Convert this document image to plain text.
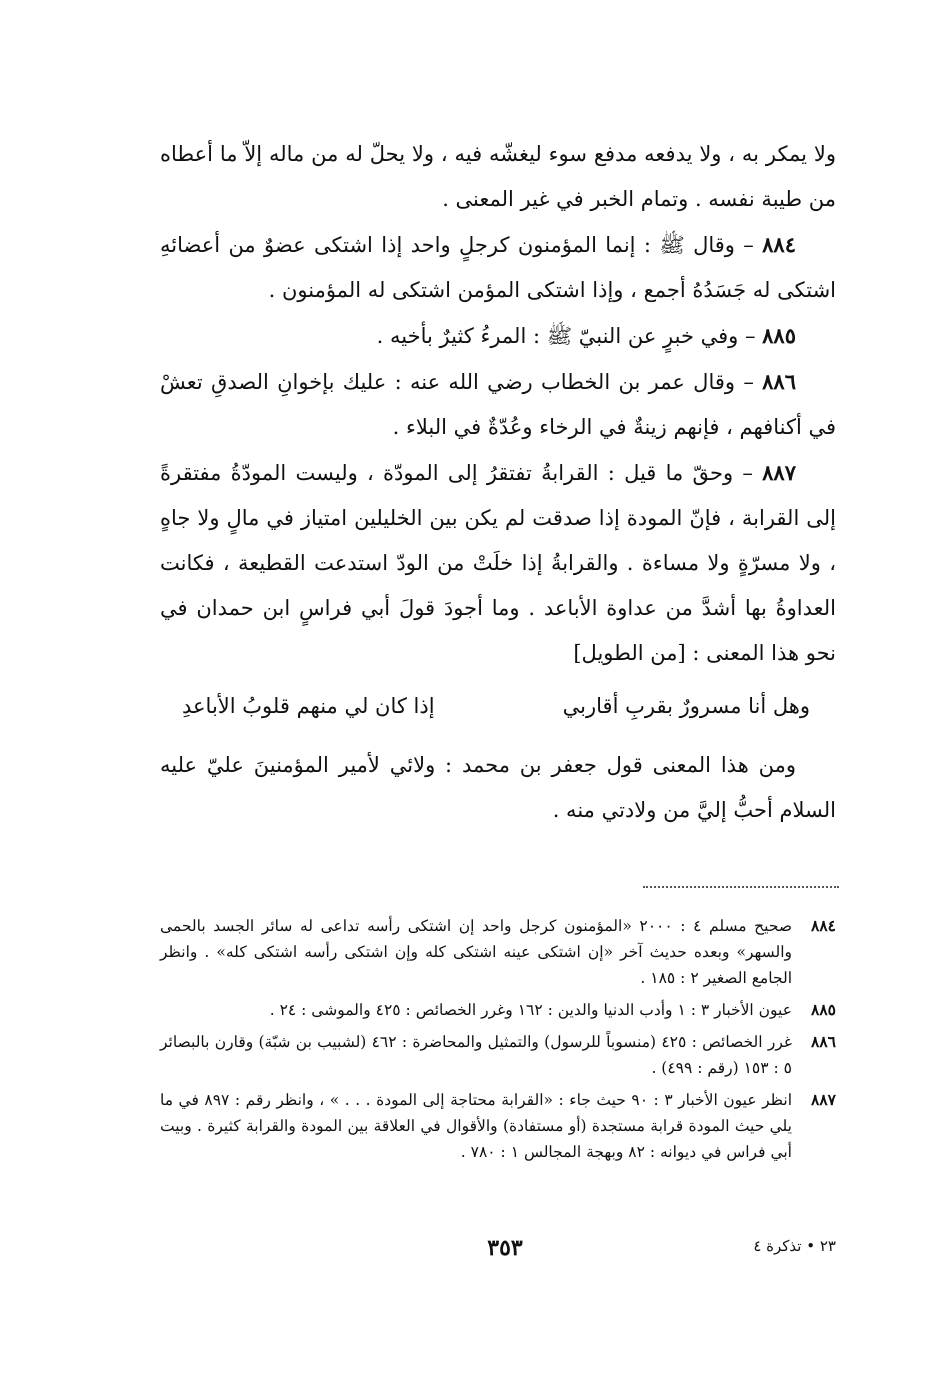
ولا يمكر به ، ولا يدفعه مدفع سوء ليغشّه فيه ، ولا يحلّ له من ماله إلاّ ما أعطاه من طيبة نفسه . وتمام الخبر في غير المعنى .

٨٨٤ – وقال ﷺ : إنما المؤمنون كرجلٍ واحد إذا اشتكى عضوٌ من أعضائهِ اشتكى له جَسَدُهُ أجمع ، وإذا اشتكى المؤمن اشتكى له المؤمنون .

٨٨٥ – وفي خبرٍ عن النبيّ ﷺ : المرءُ كثيرٌ بأخيه .

٨٨٦ – وقال عمر بن الخطاب رضي الله عنه : عليك بإخوانِ الصدقِ تعشْ في أكنافهم ، فإنهم زينةٌ في الرخاء وعُدّةٌ في البلاء .

٨٨٧ – وحقّ ما قيل : القرابةُ تفتقرُ إلى المودّة ، وليست المودّةُ مفتقرةً إلى القرابة ، فإنّ المودة إذا صدقت لم يكن بين الخليلين امتياز في مالٍ ولا جاهٍ ، ولا مسرّةٍ ولا مساءة . والقرابةُ إذا خلَتْ من الودّ استدعت القطيعة ، فكانت العداوةُ بها أشدَّ من عداوة الأباعد . وما أجودَ قولَ أبي فراسٍ ابن حمدان في نحو هذا المعنى : [من الطويل]

وهل أنا مسرورٌ بقربِ أقاربي
إذا كان لي منهم قلوبُ الأباعدِ

ومن هذا المعنى قول جعفر بن محمد : ولائي لأمير المؤمنينَ عليّ عليه السلام أحبُّ إليَّ من ولادتي منه .

٨٨٤
صحيح مسلم ٤ : ٢٠٠٠ «المؤمنون كرجل واحد إن اشتكى رأسه تداعى له سائر الجسد بالحمى والسهر» وبعده حديث آخر «إن اشتكى عينه اشتكى كله وإن اشتكى رأسه اشتكى كله» . وانظر الجامع الصغير ٢ : ١٨٥ .
٨٨٥
عيون الأخبار ٣ : ١ وأدب الدنيا والدين : ١٦٢ وغرر الخصائص : ٤٢٥ والموشى : ٢٤ .
٨٨٦
غرر الخصائص : ٤٢٥ (منسوباً للرسول) والتمثيل والمحاضرة : ٤٦٢ (لشبيب بن شبّة) وقارن بالبصائر ٥ : ١٥٣ (رقم : ٤٩٩) .
٨٨٧
انظر عيون الأخبار ٣ : ٩٠ حيث جاء : «القرابة محتاجة إلى المودة . . . » ، وانظر رقم : ٨٩٧ في ما يلي حيث المودة قرابة مستجدة (أو مستفادة) والأقوال في العلاقة بين المودة والقرابة كثيرة . وبيت أبي فراس في ديوانه : ٨٢ وبهجة المجالس ١ : ٧٨٠ .
٢٣ • تذكرة ٤
٣٥٣
